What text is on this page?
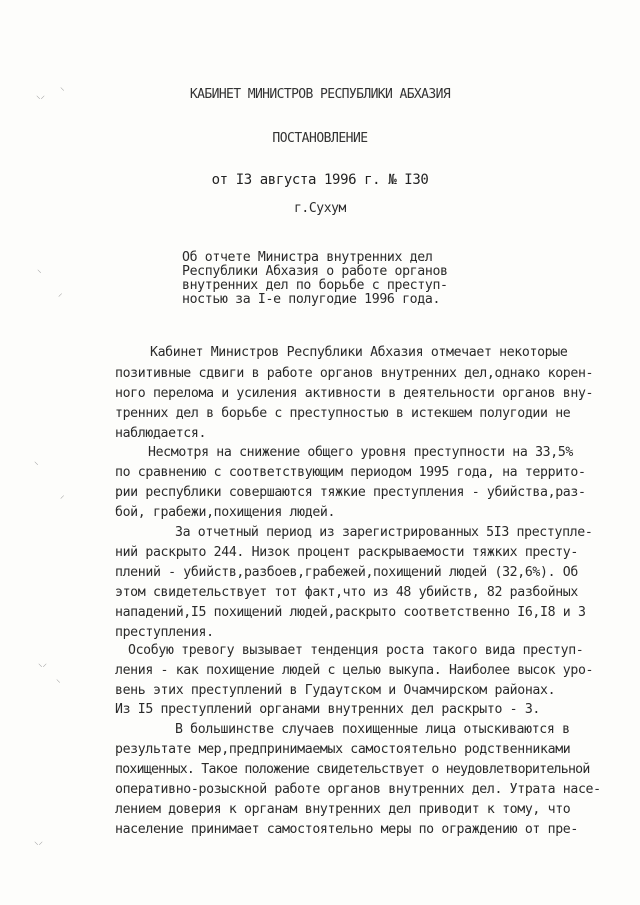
КАБИНЕТ МИНИСТРОВ РЕСПУБЛИКИ АБХАЗИЯ
ПОСТАНОВЛЕНИЕ
от I3 августа 1996 г. № I30
г.Сухум
Об отчете Министра внутренних дел
Республики Абхазия о работе органов
внутренних дел по борьбе с преступ-
ностью за I-е полугодие 1996 года.
Кабинет Министров Республики Абхазия отмечает некоторые
позитивные сдвиги в работе органов внутренних дел,однако корен-
ного перелома и усиления активности в деятельности органов вну-
тренних дел в борьбе с преступностью в истекшем полугодии не
наблюдается.
Несмотря на снижение общего уровня преступности на 33,5%
по сравнению с соответствующим периодом 1995 года, на террито-
рии республики совершаются тяжкие преступления - убийства,раз-
бой, грабежи,похищения людей.
За отчетный период из зарегистрированных 5I3 преступле-
ний раскрыто 244. Низок процент раскрываемости тяжких престу-
плений - убийств,разбоев,грабежей,похищений людей (32,6%). Об
этом свидетельствует тот факт,что из 48 убийств, 82 разбойных
нападений,I5 похищений людей,раскрыто соответственно I6,I8 и 3
преступления.
Особую тревогу вызывает тенденция роста такого вида преступ-
ления - как похищение людей с целью выкупа. Наиболее высок уро-
вень этих преступлений в Гудаутском и Очамчирском районах.
Из I5 преступлений органами внутренних дел раскрыто - 3.
В большинстве случаев похищенные лица отыскиваются в
результате мер,предпринимаемых самостоятельно родственниками
похищенных. Такое положение свидетельствует о неудовлетворительной
оперативно-розыскной работе органов внутренних дел. Утрата насе-
лением доверия к органам внутренних дел приводит к тому, что
население принимает самостоятельно меры по ограждению от пре-
⸌⸍
⸜
⸌
⸝
⸌
⸝
⸌⸍
⸜
⸌⸍
